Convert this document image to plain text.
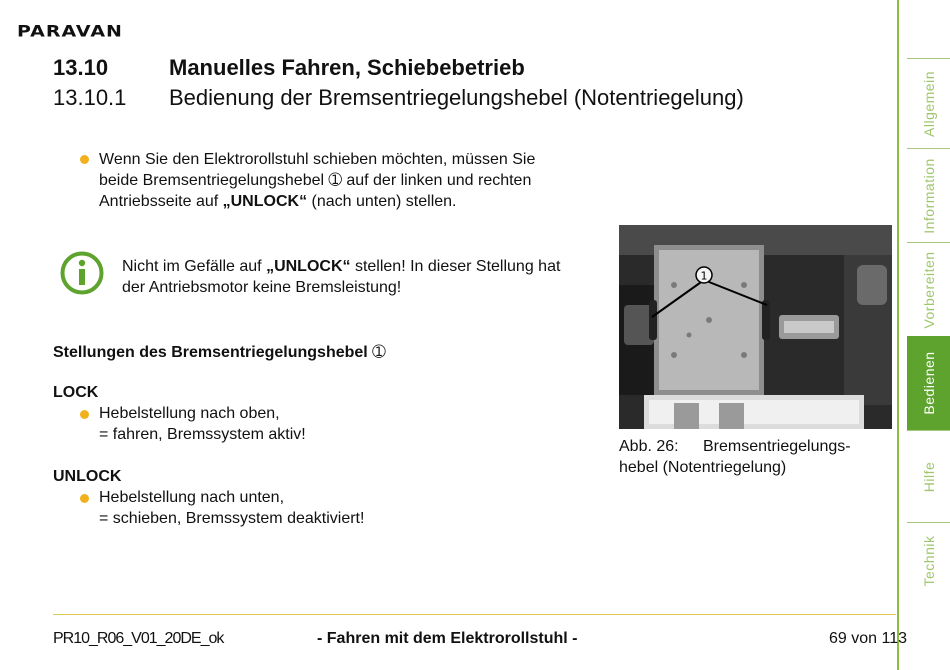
PARAVAN
13.10	Manuelles Fahren, Schiebebetrieb
13.10.1 Bedienung der Bremsentriegelungshebel (Notentriegelung)
Wenn Sie den Elektrorollstuhl schieben möchten, müssen Sie
beide Bremsentriegelungshebel ➀ auf der linken und rechten
Antriebsseite auf „UNLOCK“ (nach unten) stellen.
Nicht im Gefälle auf „UNLOCK“ stellen! In dieser Stellung hat
der Antriebsmotor keine Bremsleistung!
Stellungen des Bremsentriegelungshebel ➀
LOCK
Hebelstellung nach oben,
= fahren, Bremssystem aktiv!
UNLOCK
Hebelstellung nach unten,
= schieben, Bremssystem deaktiviert!
1
Abb. 26: Bremsentriegelungs-
hebel (Notentriegelung)
Allgemein
Information
Vorbereiten
Bedienen
Hilfe
Technik
PR10_R06_V01_20DE_ok	- Fahren mit dem Elektrorollstuhl -	69 von 113
